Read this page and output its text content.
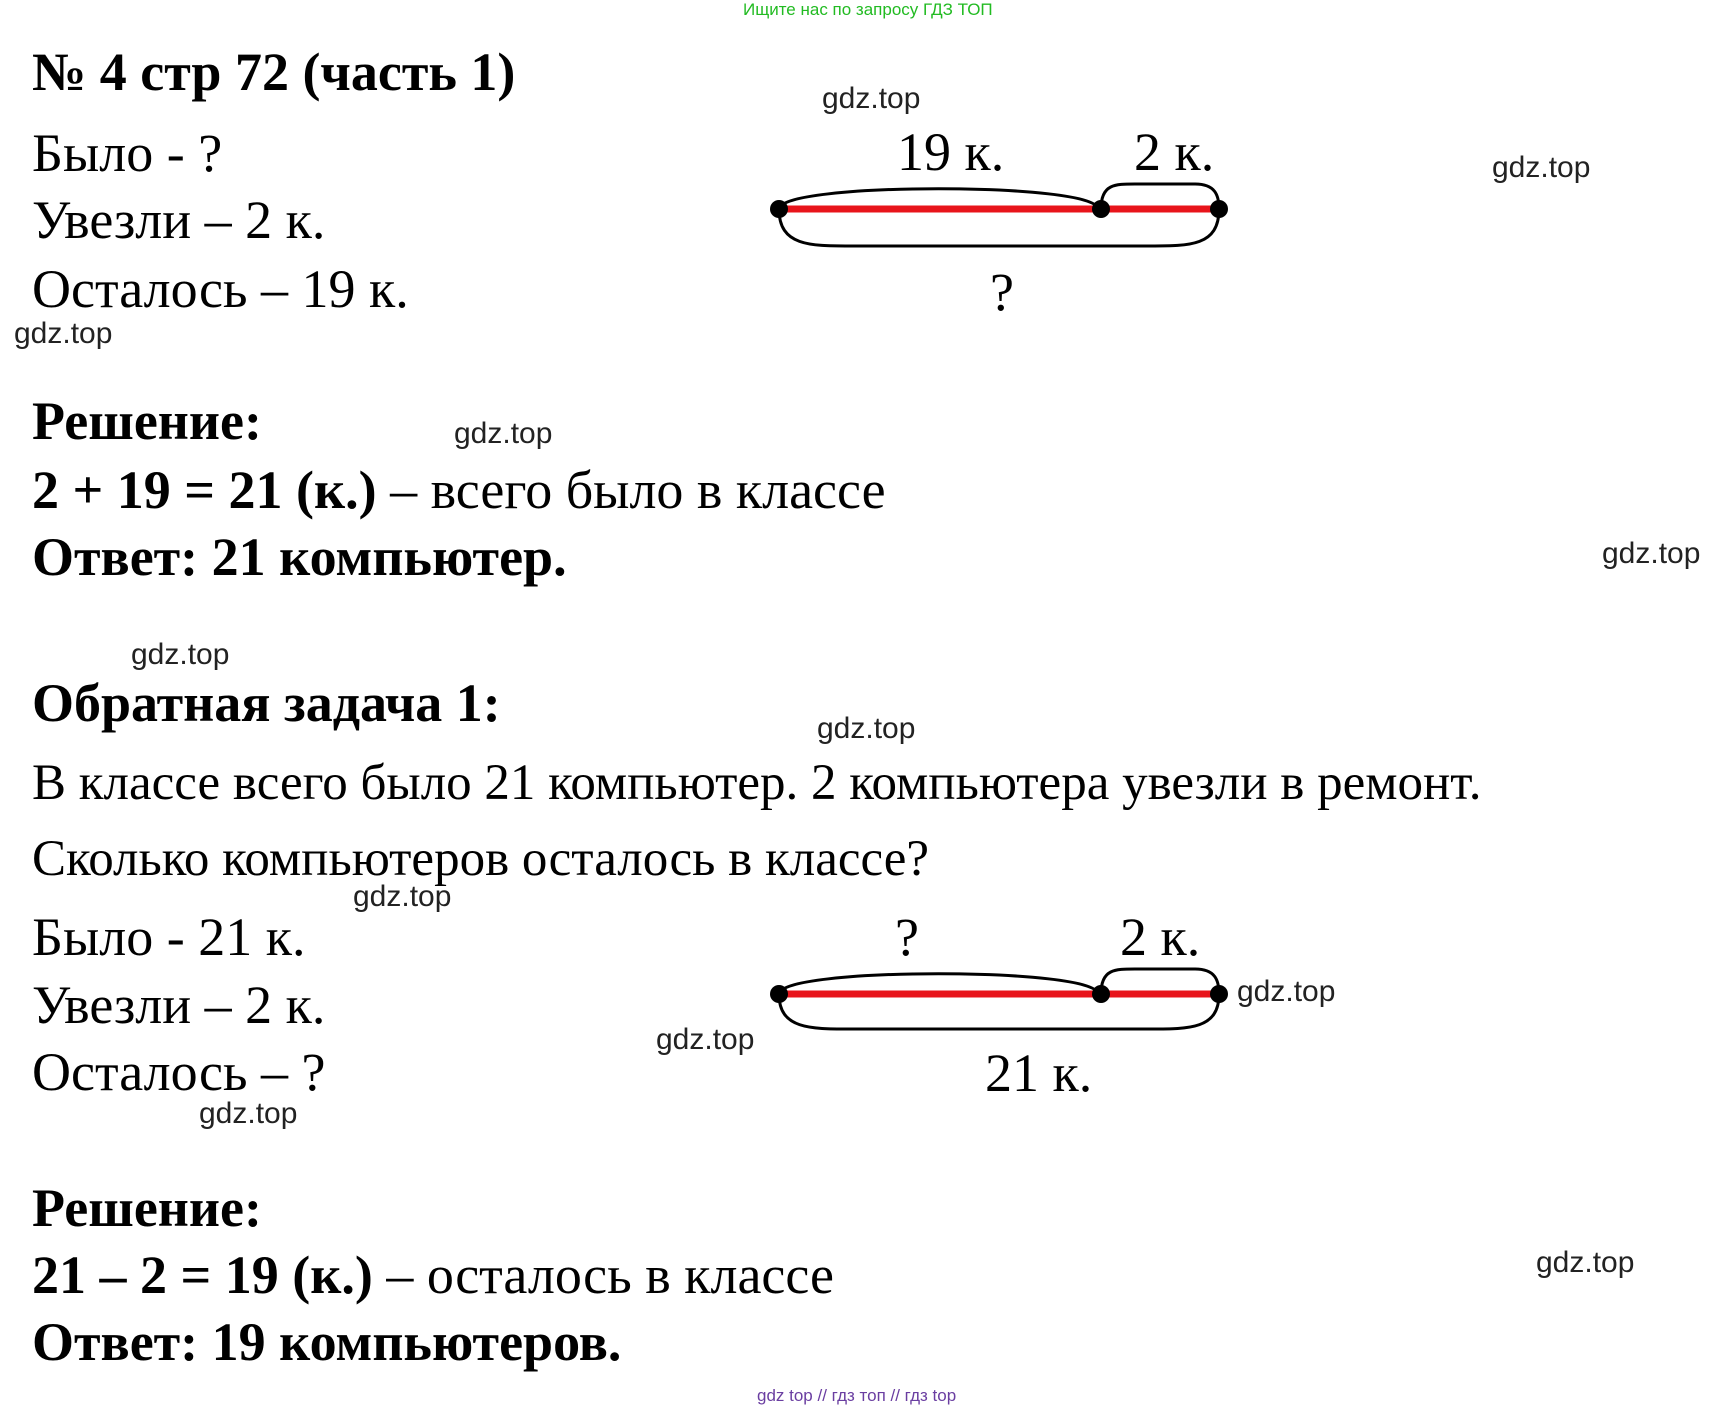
Ищите нас по запросу ГДЗ ТОП
№ 4 стр 72 (часть 1)
Было - ?
Увезли – 2 к.
Осталось – 19 к.
19 к. 2 к.
?
Решение:
2 + 19 = 21 (к.) – всего было в классе
Ответ: 21 компьютер.
Обратная задача 1:
В классе всего было 21 компьютер. 2 компьютера увезли в ремонт.
Сколько компьютеров осталось в классе?
Было - 21 к.
Увезли – 2 к.
Осталось – ?
?	2 к.
21 к.
Решение:
21 – 2 = 19 (к.) – осталось в классе
Ответ: 19 компьютеров.
gdz.top
gdz.top
gdz.top
gdz.top
gdz.top
gdz.top
gdz.top
gdz.top
gdz.top
gdz.top
gdz.top
gdz.top
gdz top // гдз топ // гдз top
